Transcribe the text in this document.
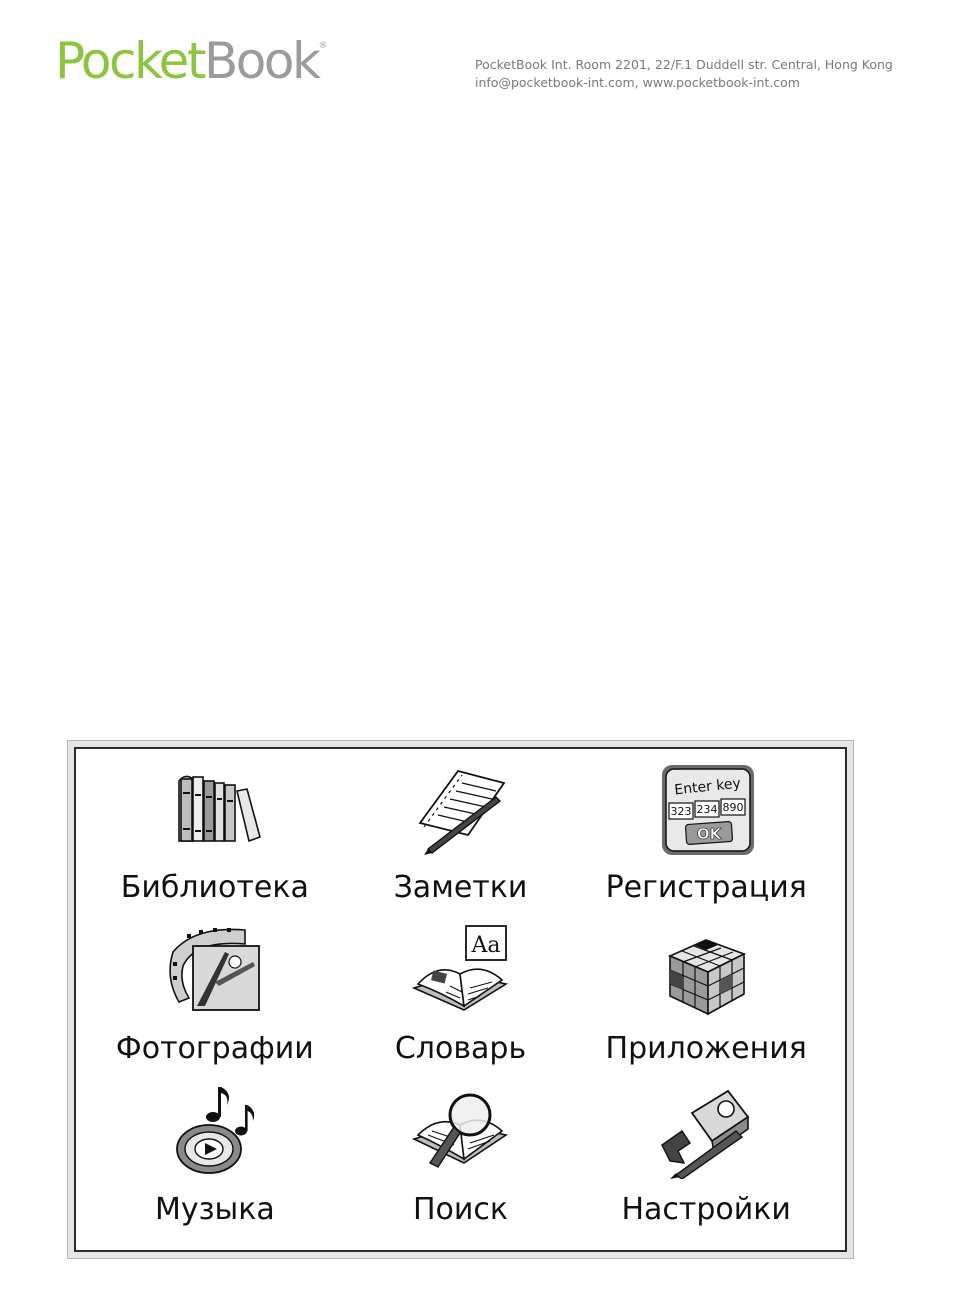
PocketBook®
PocketBook Int. Room 2201, 22/F.1 Duddell str. Central, Hong Kong
info@pocketbook-int.com, www.pocketbook-int.com
Библиотека	Заметки
Enter key
323 234 890
OK
Регистрация
Фотографии
Aa
Словарь	Приложения
Музыка	Поиск	Настройки
